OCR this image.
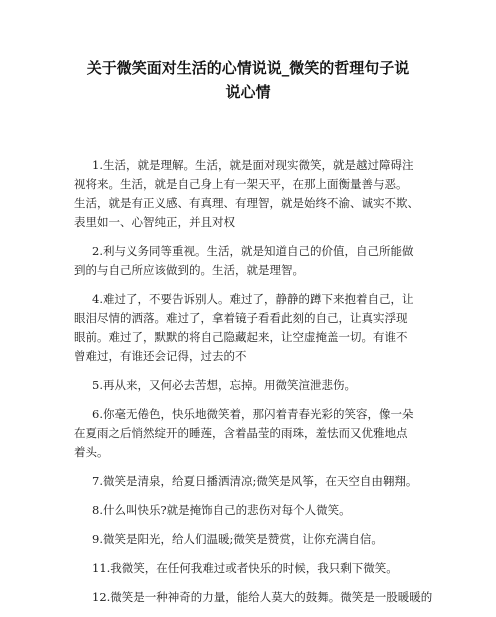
关于微笑面对生活的心情说说_微笑的哲理句子说
说心情
1.生活，就是理解。生活，就是面对现实微笑，就是越过障碍注
视将来。生活，就是自己身上有一架天平，在那上面衡量善与恶。
生活，就是有正义感、有真理、有理智，就是始终不渝、诚实不欺、
表里如一、心智纯正，并且对权
2.利与义务同等重视。生活，就是知道自己的价值，自己所能做
到的与自己所应该做到的。生活，就是理智。
4.难过了，不要告诉别人。难过了，静静的蹲下来抱着自己，让
眼泪尽情的洒落。难过了，拿着镜子看看此刻的自己，让真实浮现
眼前。难过了，默默的将自己隐藏起来，让空虚掩盖一切。有谁不
曾难过，有谁还会记得，过去的不
5.再从来，又何必去苦想，忘掉。用微笑渲泄悲伤。
6.你毫无倦色，快乐地微笑着，那闪着青春光彩的笑容，像一朵
在夏雨之后悄然绽开的睡莲，含着晶莹的雨珠，羞怯而又优雅地点
着头。
7.微笑是清泉，给夏日播洒清凉;微笑是风筝，在天空自由翱翔。
8.什么叫快乐?就是掩饰自己的悲伤对每个人微笑。
9.微笑是阳光，给人们温暖;微笑是赞赏，让你充满自信。
11.我微笑，在任何我难过或者快乐的时候，我只剩下微笑。
12.微笑是一种神奇的力量，能给人莫大的鼓舞。微笑是一股暖暖的
